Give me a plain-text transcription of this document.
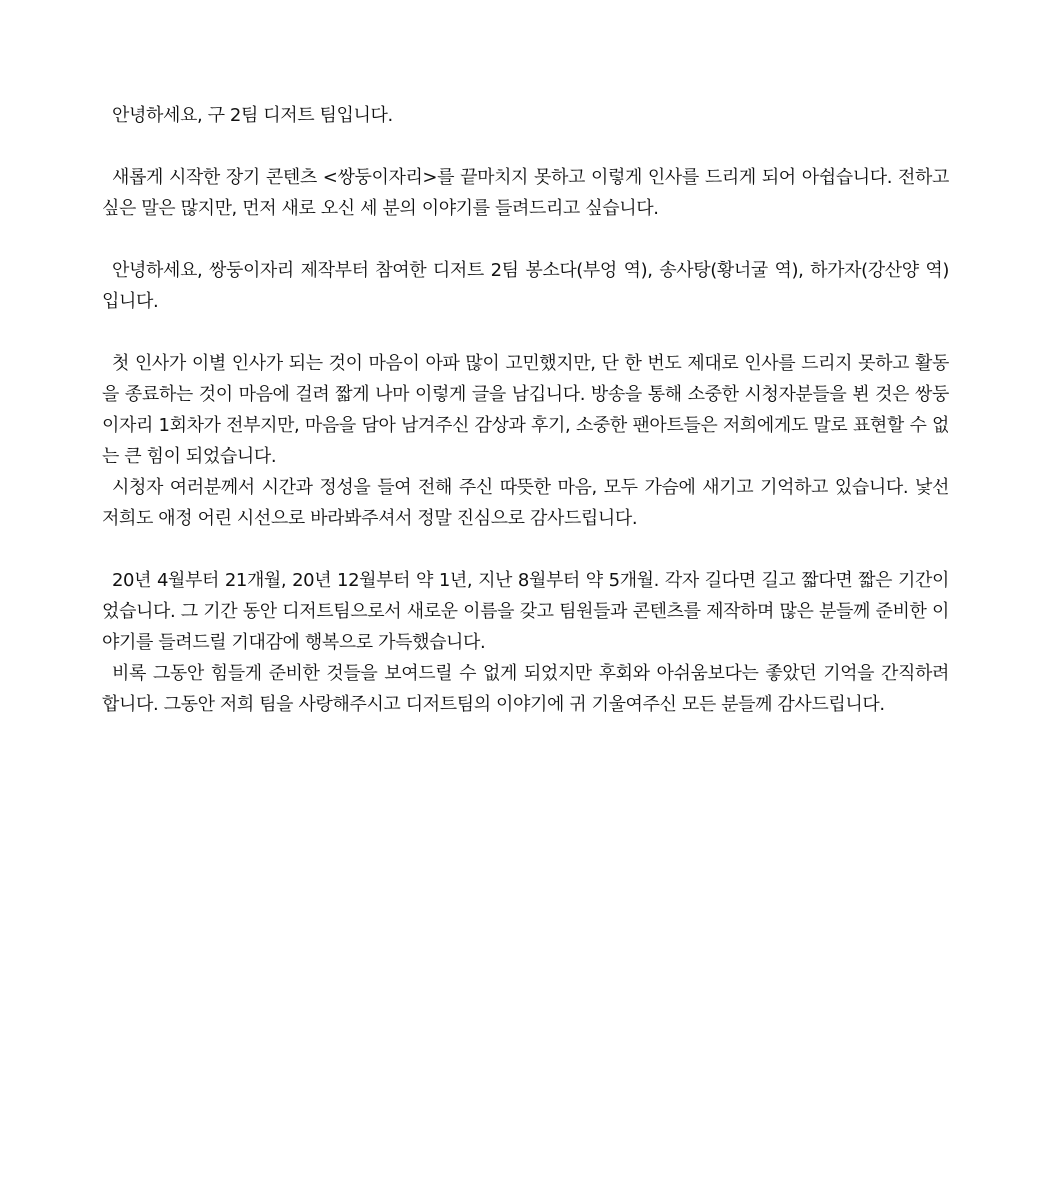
안녕하세요, 구 2팀 디저트 팀입니다.

새롭게 시작한 장기 콘텐츠 <쌍둥이자리>를 끝마치지 못하고 이렇게 인사를 드리게 되어 아쉽습니다. 전하고 싶은 말은 많지만, 먼저 새로 오신 세 분의 이야기를 들려드리고 싶습니다.

안녕하세요, 쌍둥이자리 제작부터 참여한 디저트 2팀 봉소다(부엉 역), 송사탕(황너굴 역), 하가자(강산양 역)입니다.

첫 인사가 이별 인사가 되는 것이 마음이 아파 많이 고민했지만, 단 한 번도 제대로 인사를 드리지 못하고 활동을 종료하는 것이 마음에 걸려 짧게 나마 이렇게 글을 남깁니다. 방송을 통해 소중한 시청자분들을 뵌 것은 쌍둥이자리 1회차가 전부지만, 마음을 담아 남겨주신 감상과 후기, 소중한 팬아트들은 저희에게도 말로 표현할 수 없는 큰 힘이 되었습니다.

시청자 여러분께서 시간과 정성을 들여 전해 주신 따뜻한 마음, 모두 가슴에 새기고 기억하고 있습니다. 낯선 저희도 애정 어린 시선으로 바라봐주셔서 정말 진심으로 감사드립니다.

20년 4월부터 21개월, 20년 12월부터 약 1년, 지난 8월부터 약 5개월. 각자 길다면 길고 짧다면 짧은 기간이었습니다. 그 기간 동안 디저트팀으로서 새로운 이름을 갖고 팀원들과 콘텐츠를 제작하며 많은 분들께 준비한 이야기를 들려드릴 기대감에 행복으로 가득했습니다.

비록 그동안 힘들게 준비한 것들을 보여드릴 수 없게 되었지만 후회와 아쉬움보다는 좋았던 기억을 간직하려 합니다. 그동안 저희 팀을 사랑해주시고 디저트팀의 이야기에 귀 기울여주신 모든 분들께 감사드립니다.
